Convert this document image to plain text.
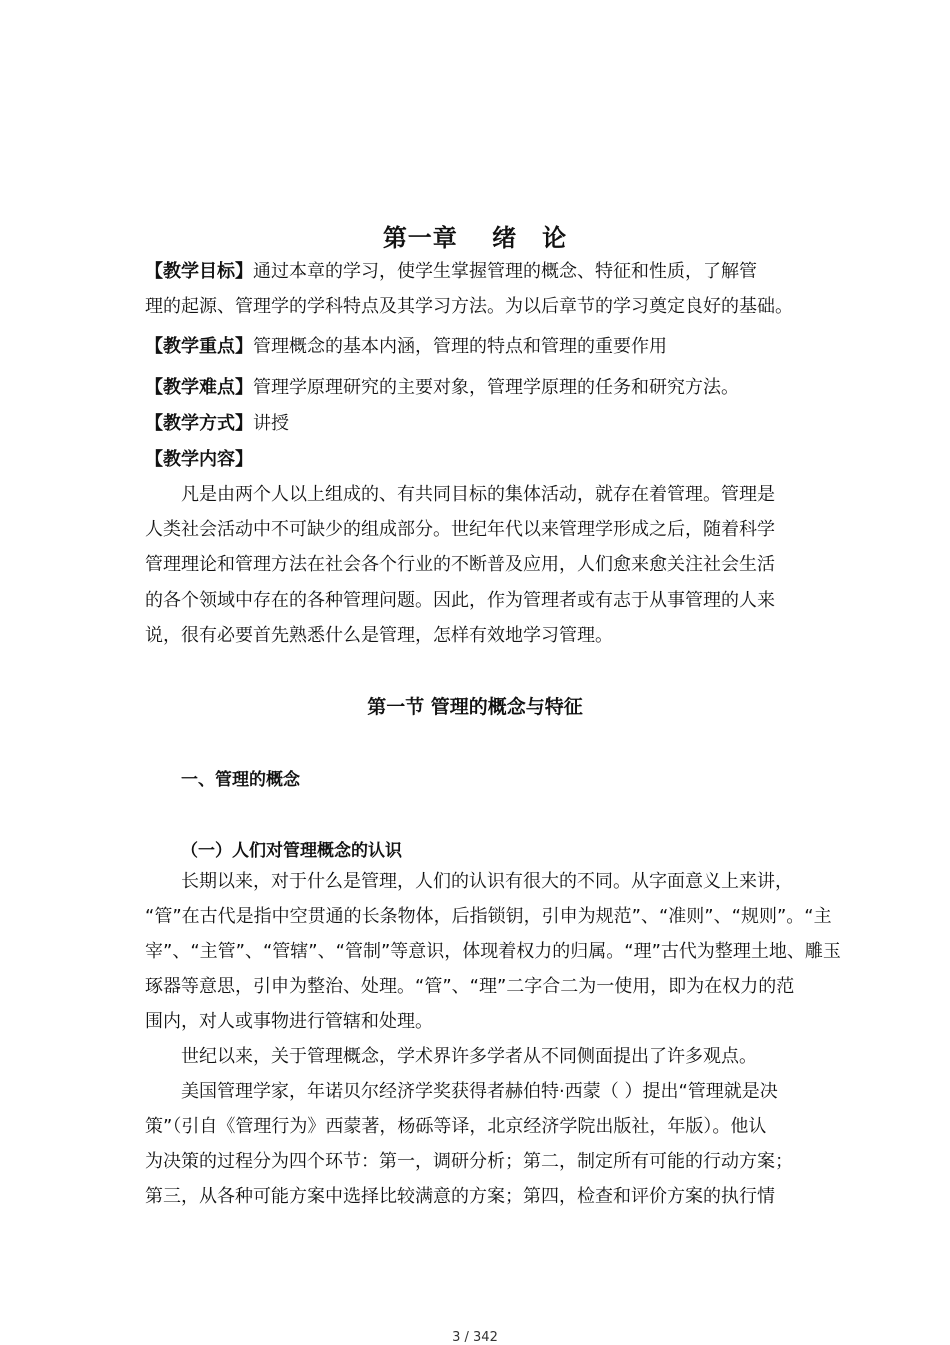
第一章　 绪　论
【教学目标】通过本章的学习，使学生掌握管理的概念、特征和性质，了解管
理的起源、管理学的学科特点及其学习方法。为以后章节的学习奠定良好的基础。
【教学重点】管理概念的基本内涵，管理的特点和管理的重要作用
【教学难点】管理学原理研究的主要对象，管理学原理的任务和研究方法。
【教学方式】讲授
【教学内容】
凡是由两个人以上组成的、有共同目标的集体活动，就存在着管理。管理是
人类社会活动中不可缺少的组成部分。世纪年代以来管理学形成之后，随着科学
管理理论和管理方法在社会各个行业的不断普及应用，人们愈来愈关注社会生活
的各个领域中存在的各种管理问题。因此，作为管理者或有志于从事管理的人来
说，很有必要首先熟悉什么是管理，怎样有效地学习管理。
第一节 管理的概念与特征
一、管理的概念
（一）人们对管理概念的认识
长期以来，对于什么是管理，人们的认识有很大的不同。从字面意义上来讲，
“管”在古代是指中空贯通的长条物体，后指锁钥，引申为规范”、“准则”、“规则”。“主
宰”、“主管”、“管辖”、“管制”等意识，体现着权力的归属。“理”古代为整理土地、雕玉
琢器等意思，引申为整治、处理。“管”、“理”二字合二为一使用，即为在权力的范
围内，对人或事物进行管辖和处理。
世纪以来，关于管理概念，学术界许多学者从不同侧面提出了许多观点。
美国管理学家，年诺贝尔经济学奖获得者赫伯特·西蒙（ ）提出“管理就是决
策”（引自《管理行为》西蒙著，杨砾等译，北京经济学院出版社，年版）。他认
为决策的过程分为四个环节：第一，调研分析；第二，制定所有可能的行动方案；
第三，从各种可能方案中选择比较满意的方案；第四，检查和评价方案的执行情
3 / 342
